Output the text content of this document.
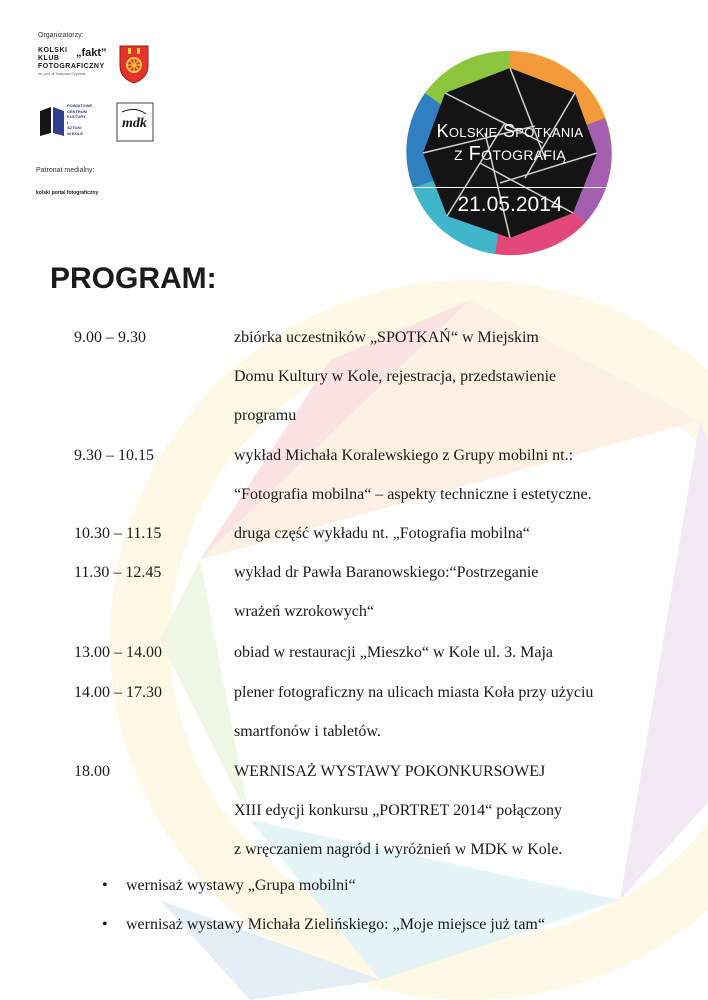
Organizatorzy:
KOLSKI
KLUB
FOTOGRAFICZNY
„fakt”
im. prof. dr Tadeusza Cypriana
POWIATOWE
CENTRUM
KULTURY
I
SZTUKI
W KOLE
mdk
Patronat medialny:
kolski portal fotograficzny
Kolskie Spotkania
z Fotografią
21.05.2014
PROGRAM:
9.00 – 9.30	zbiórka uczestników „SPOTKAŃ“ w Miejskim
Domu Kultury w Kole, rejestracja, przedstawienie
programu
9.30 – 10.15	wykład Michała Koralewskiego z Grupy mobilni nt.:
“Fotografia mobilna“ – aspekty techniczne i estetyczne.
10.30 – 11.15	druga część wykładu nt. „Fotografia mobilna“
11.30 – 12.45	wykład dr Pawła Baranowskiego:“Postrzeganie
wrażeń wzrokowych“
13.00 – 14.00	obiad w restauracji „Mieszko“ w Kole ul. 3. Maja
14.00 – 17.30	plener fotograficzny na ulicach miasta Koła przy użyciu
smartfonów i tabletów.
18.00	WERNISAŻ WYSTAWY POKONKURSOWEJ
XIII edycji konkursu „PORTRET 2014“ połączony
z wręczaniem nagród i wyróżnień w MDK w Kole.
• wernisaż wystawy „Grupa mobilni“
• wernisaż wystawy Michała Zielińskiego: „Moje miejsce już tam“
